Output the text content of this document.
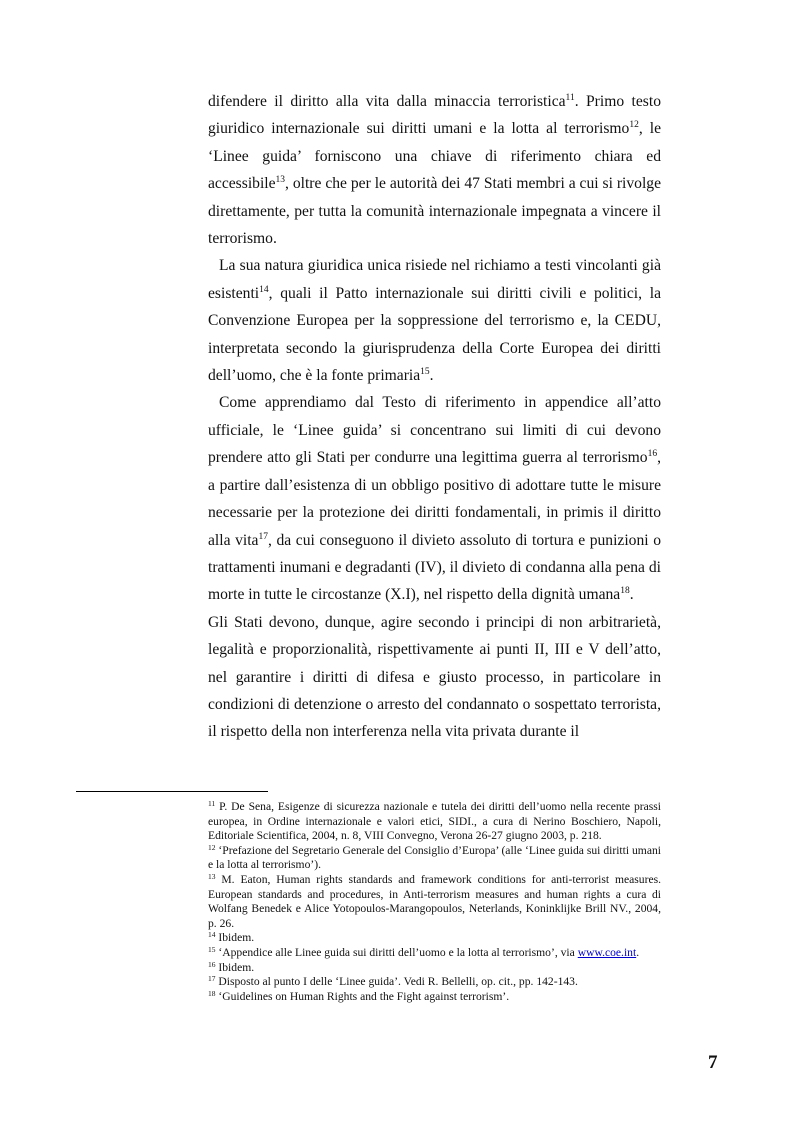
difendere il diritto alla vita dalla minaccia terroristica$^{11}$. Primo testo giuridico internazionale sui diritti umani e la lotta al terrorismo$^{12}$, le ‘Linee guida’ forniscono una chiave di riferimento chiara ed accessibile$^{13}$, oltre che per le autorità dei 47 Stati membri a cui si rivolge direttamente, per tutta la comunità internazionale impegnata a vincere il terrorismo.

La sua natura giuridica unica risiede nel richiamo a testi vincolanti già esistenti$^{14}$, quali il Patto internazionale sui diritti civili e politici, la Convenzione Europea per la soppressione del terrorismo e, la CEDU, interpretata secondo la giurisprudenza della Corte Europea dei diritti dell’uomo, che è la fonte primaria$^{15}$.

Come apprendiamo dal Testo di riferimento in appendice all’atto ufficiale, le ‘Linee guida’ si concentrano sui limiti di cui devono prendere atto gli Stati per condurre una legittima guerra al terrorismo$^{16}$, a partire dall’esistenza di un obbligo positivo di adottare tutte le misure necessarie per la protezione dei diritti fondamentali, in primis il diritto alla vita$^{17}$, da cui conseguono il divieto assoluto di tortura e punizioni o trattamenti inumani e degradanti (IV), il divieto di condanna alla pena di morte in tutte le circostanze (X.I), nel rispetto della dignità umana$^{18}$.

Gli Stati devono, dunque, agire secondo i principi di non arbitrarietà, legalità e proporzionalità, rispettivamente ai punti II, III e V dell’atto, nel garantire i diritti di difesa e giusto processo, in particolare in condizioni di detenzione o arresto del condannato o sospettato terrorista, il rispetto della non interferenza nella vita privata durante il

$^{11}$ P. De Sena, Esigenze di sicurezza nazionale e tutela dei diritti dell’uomo nella recente prassi europea, in Ordine internazionale e valori etici, SIDI., a cura di Nerino Boschiero, Napoli, Editoriale Scientifica, 2004, n. 8, VIII Convegno, Verona 26-27 giugno 2003, p. 218.

$^{12}$ ‘Prefazione del Segretario Generale del Consiglio d’Europa’ (alle ‘Linee guida sui diritti umani e la lotta al terrorismo’).

$^{13}$ M. Eaton, Human rights standards and framework conditions for anti-terrorist measures. European standards and procedures, in Anti-terrorism measures and human rights a cura di Wolfang Benedek e Alice Yotopoulos-Marangopoulos, Neterlands, Koninklijke Brill NV., 2004, p. 26.

$^{14}$ Ibidem.

$^{15}$ ‘Appendice alle Linee guida sui diritti dell’uomo e la lotta al terrorismo’, via www.coe.int.

$^{16}$ Ibidem.

$^{17}$ Disposto al punto I delle ‘Linee guida’. Vedi R. Bellelli, op. cit., pp. 142-143.

$^{18}$ ‘Guidelines on Human Rights and the Fight against terrorism’.

7
